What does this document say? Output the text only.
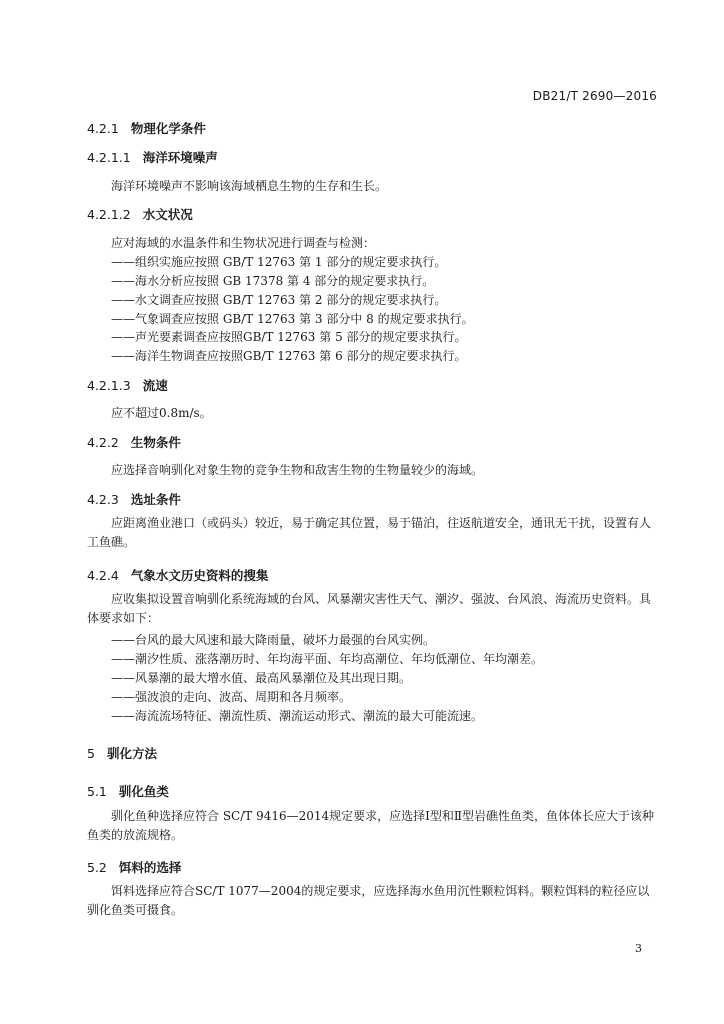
DB21/T 2690—2016
4.2.1 物理化学条件
4.2.1.1 海洋环境噪声
海洋环境噪声不影响该海域栖息生物的生存和生长。
4.2.1.2 水文状况
应对海域的水温条件和生物状况进行调查与检测：
——组织实施应按照 GB/T 12763 第 1 部分的规定要求执行。
——海水分析应按照 GB 17378 第 4 部分的规定要求执行。
——水文调查应按照 GB/T 12763 第 2 部分的规定要求执行。
——气象调查应按照 GB/T 12763 第 3 部分中 8 的规定要求执行。
——声光要素调查应按照GB/T 12763 第 5 部分的规定要求执行。
——海洋生物调查应按照GB/T 12763 第 6 部分的规定要求执行。
4.2.1.3 流速
应不超过0.8m/s。
4.2.2 生物条件
应选择音响驯化对象生物的竞争生物和敌害生物的生物量较少的海域。
4.2.3 选址条件
应距离渔业港口（或码头）较近，易于确定其位置，易于锚泊，往返航道安全，通讯无干扰，设置有人工鱼礁。
4.2.4 气象水文历史资料的搜集
应收集拟设置音响驯化系统海域的台风、风暴潮灾害性天气、潮汐、强波、台风浪、海流历史资料。具体要求如下：
——台风的最大风速和最大降雨量，破坏力最强的台风实例。
——潮汐性质、涨落潮历时、年均海平面、年均高潮位、年均低潮位、年均潮差。
——风暴潮的最大增水值、最高风暴潮位及其出现日期。
——强波浪的走向、波高、周期和各月频率。
——海流流场特征、潮流性质、潮流运动形式、潮流的最大可能流速。
5 驯化方法
5.1 驯化鱼类
驯化鱼种选择应符合 SC/T 9416—2014规定要求，应选择Ⅰ型和Ⅱ型岩礁性鱼类，鱼体体长应大于该种鱼类的放流规格。
5.2 饵料的选择
饵料选择应符合SC/T 1077—2004的规定要求，应选择海水鱼用沉性颗粒饵料。颗粒饵料的粒径应以驯化鱼类可摄食。
3
